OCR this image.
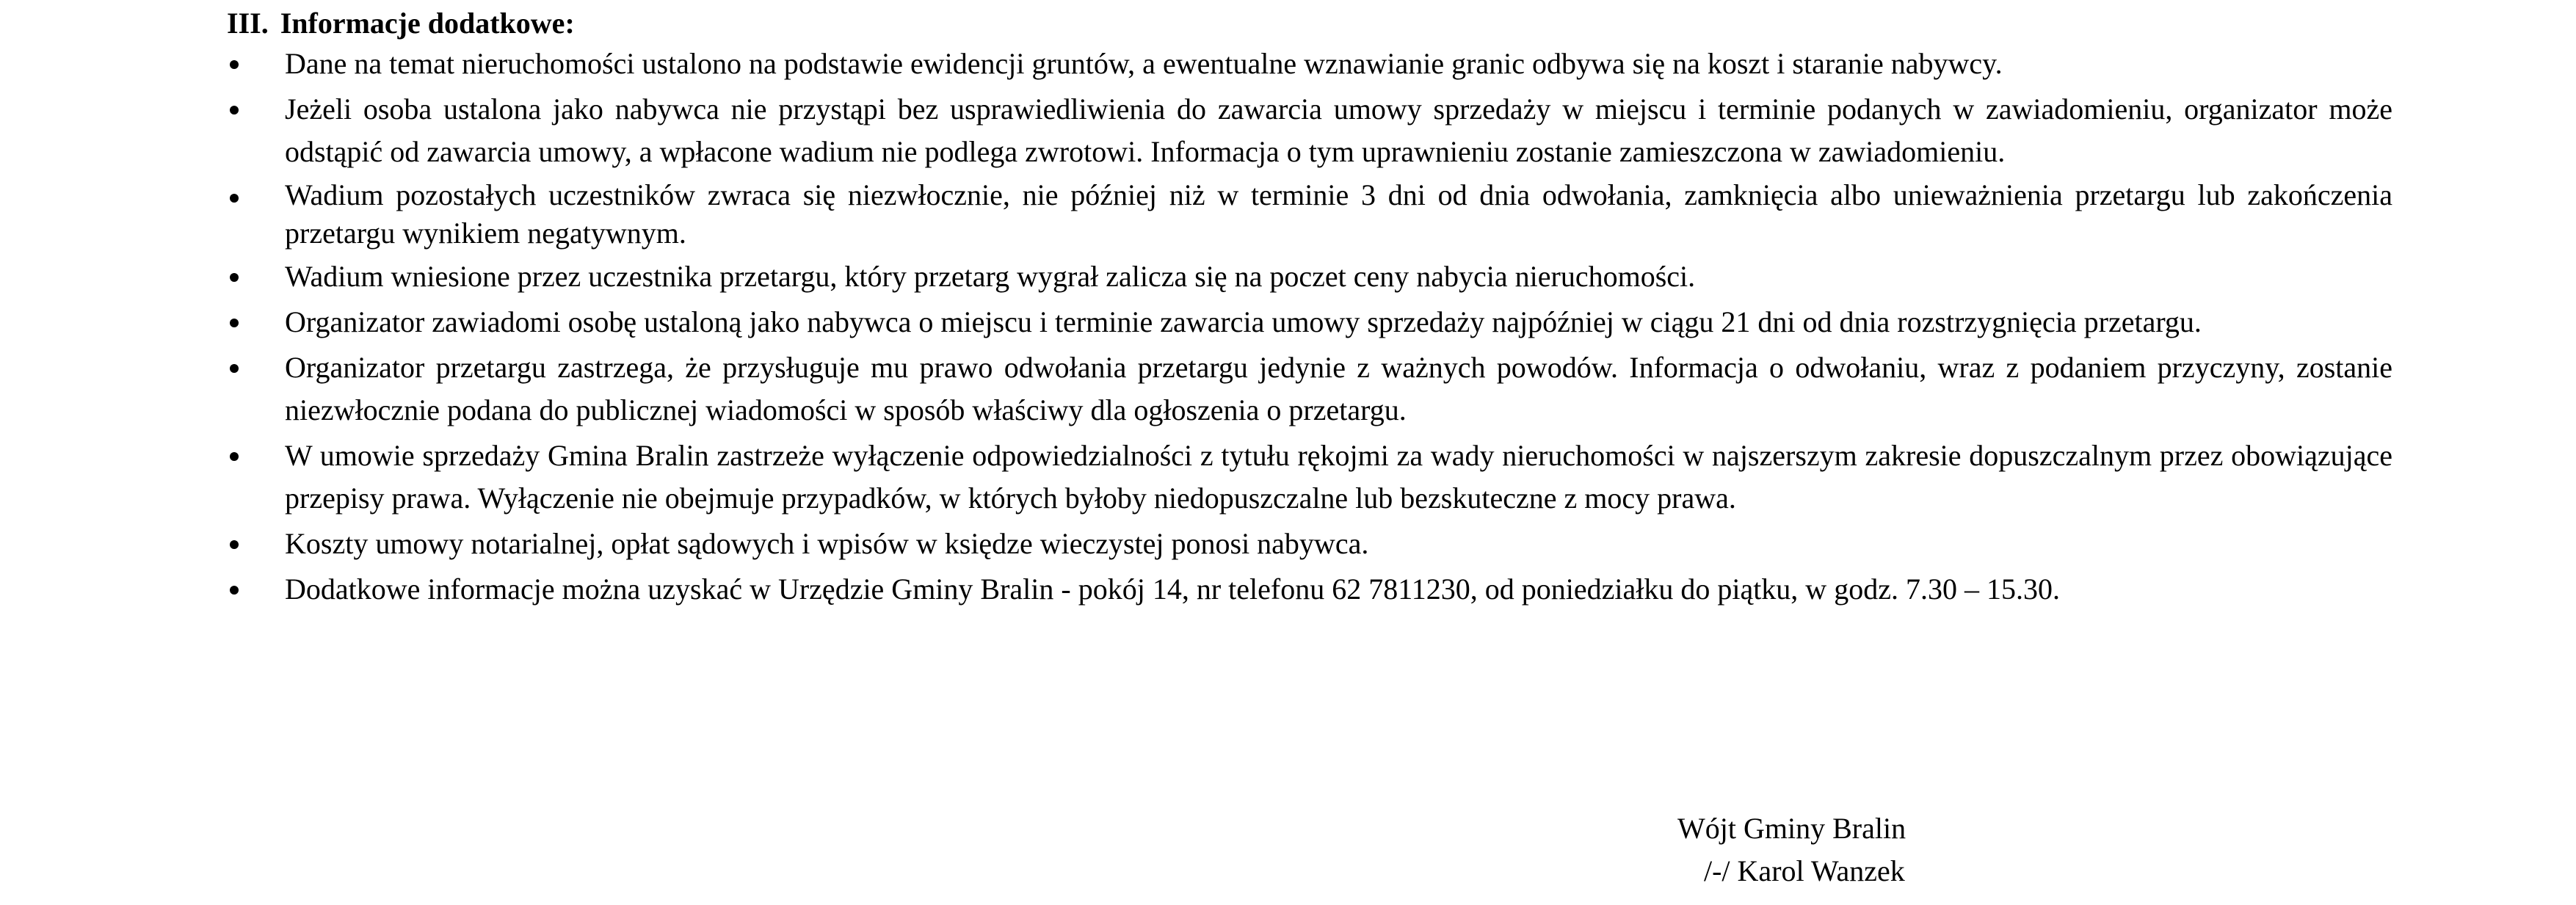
III. Informacje dodatkowe:
Dane na temat nieruchomości ustalono na podstawie ewidencji gruntów, a ewentualne wznawianie granic odbywa się na koszt i staranie nabywcy.
Jeżeli osoba ustalona jako nabywca nie przystąpi bez usprawiedliwienia do zawarcia umowy sprzedaży w miejscu i terminie podanych w zawiadomieniu, organizator może odstąpić od zawarcia umowy, a wpłacone wadium nie podlega zwrotowi. Informacja o tym uprawnieniu zostanie zamieszczona w zawiadomieniu.
Wadium pozostałych uczestników zwraca się niezwłocznie, nie później niż w terminie 3 dni od dnia odwołania, zamknięcia albo unieważnienia przetargu lub zakończenia przetargu wynikiem negatywnym.
Wadium wniesione przez uczestnika przetargu, który przetarg wygrał zalicza się na poczet ceny nabycia nieruchomości.
Organizator zawiadomi osobę ustaloną jako nabywca o miejscu i terminie zawarcia umowy sprzedaży najpóźniej w ciągu 21 dni od dnia rozstrzygnięcia przetargu.
Organizator przetargu zastrzega, że przysługuje mu prawo odwołania przetargu jedynie z ważnych powodów. Informacja o odwołaniu, wraz z podaniem przyczyny, zostanie niezwłocznie podana do publicznej wiadomości w sposób właściwy dla ogłoszenia o przetargu.
W umowie sprzedaży Gmina Bralin zastrzeże wyłączenie odpowiedzialności z tytułu rękojmi za wady nieruchomości w najszerszym zakresie dopuszczalnym przez obowiązujące przepisy prawa. Wyłączenie nie obejmuje przypadków, w których byłoby niedopuszczalne lub bezskuteczne z mocy prawa.
Koszty umowy notarialnej, opłat sądowych i wpisów w księdze wieczystej ponosi nabywca.
Dodatkowe informacje można uzyskać w Urzędzie Gminy Bralin - pokój 14, nr telefonu 62 7811230, od poniedziałku do piątku, w godz. 7.30 – 15.30.
Wójt Gminy Bralin
/-/ Karol Wanzek
